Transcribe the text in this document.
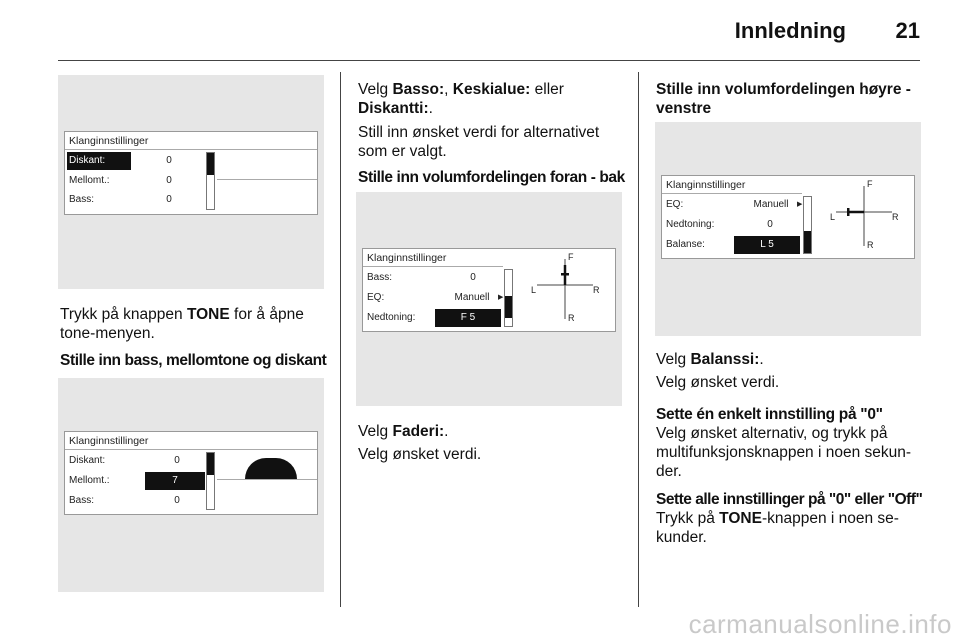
Innledning 21
Klanginnstillinger
Diskant:	0
Mellomt.:	0
Bass:	0
Trykk på knappen TONE for å åpne
tone-menyen.
Stille inn bass, mellomtone og diskant
Klanginnstillinger
Diskant:	0
Mellomt.:	7
Bass:	0
Velg Basso:, Keskialue: eller
Diskantti:.
Still inn ønsket verdi for alternativet
som er valgt.
Stille inn volumfordelingen foran - bak
Klanginnstillinger
Bass:	0
EQ:	Manuell	▶
Nedtoning:	F 5
F
L	R
R
Velg Faderi:.
Velg ønsket verdi.
Stille inn volumfordelingen høyre -
venstre
Klanginnstillinger
EQ:	Manuell	▶
Nedtoning:	0
Balanse:	L 5
F
L	R
R
Velg Balanssi:.
Velg ønsket verdi.
Sette én enkelt innstilling på "0"
Velg ønsket alternativ, og trykk på
multifunksjonsknappen i noen sekun-
der.
Sette alle innstillinger på "0" eller "Off"
Trykk på TONE-knappen i noen se-
kunder.
carmanualsonline.info
